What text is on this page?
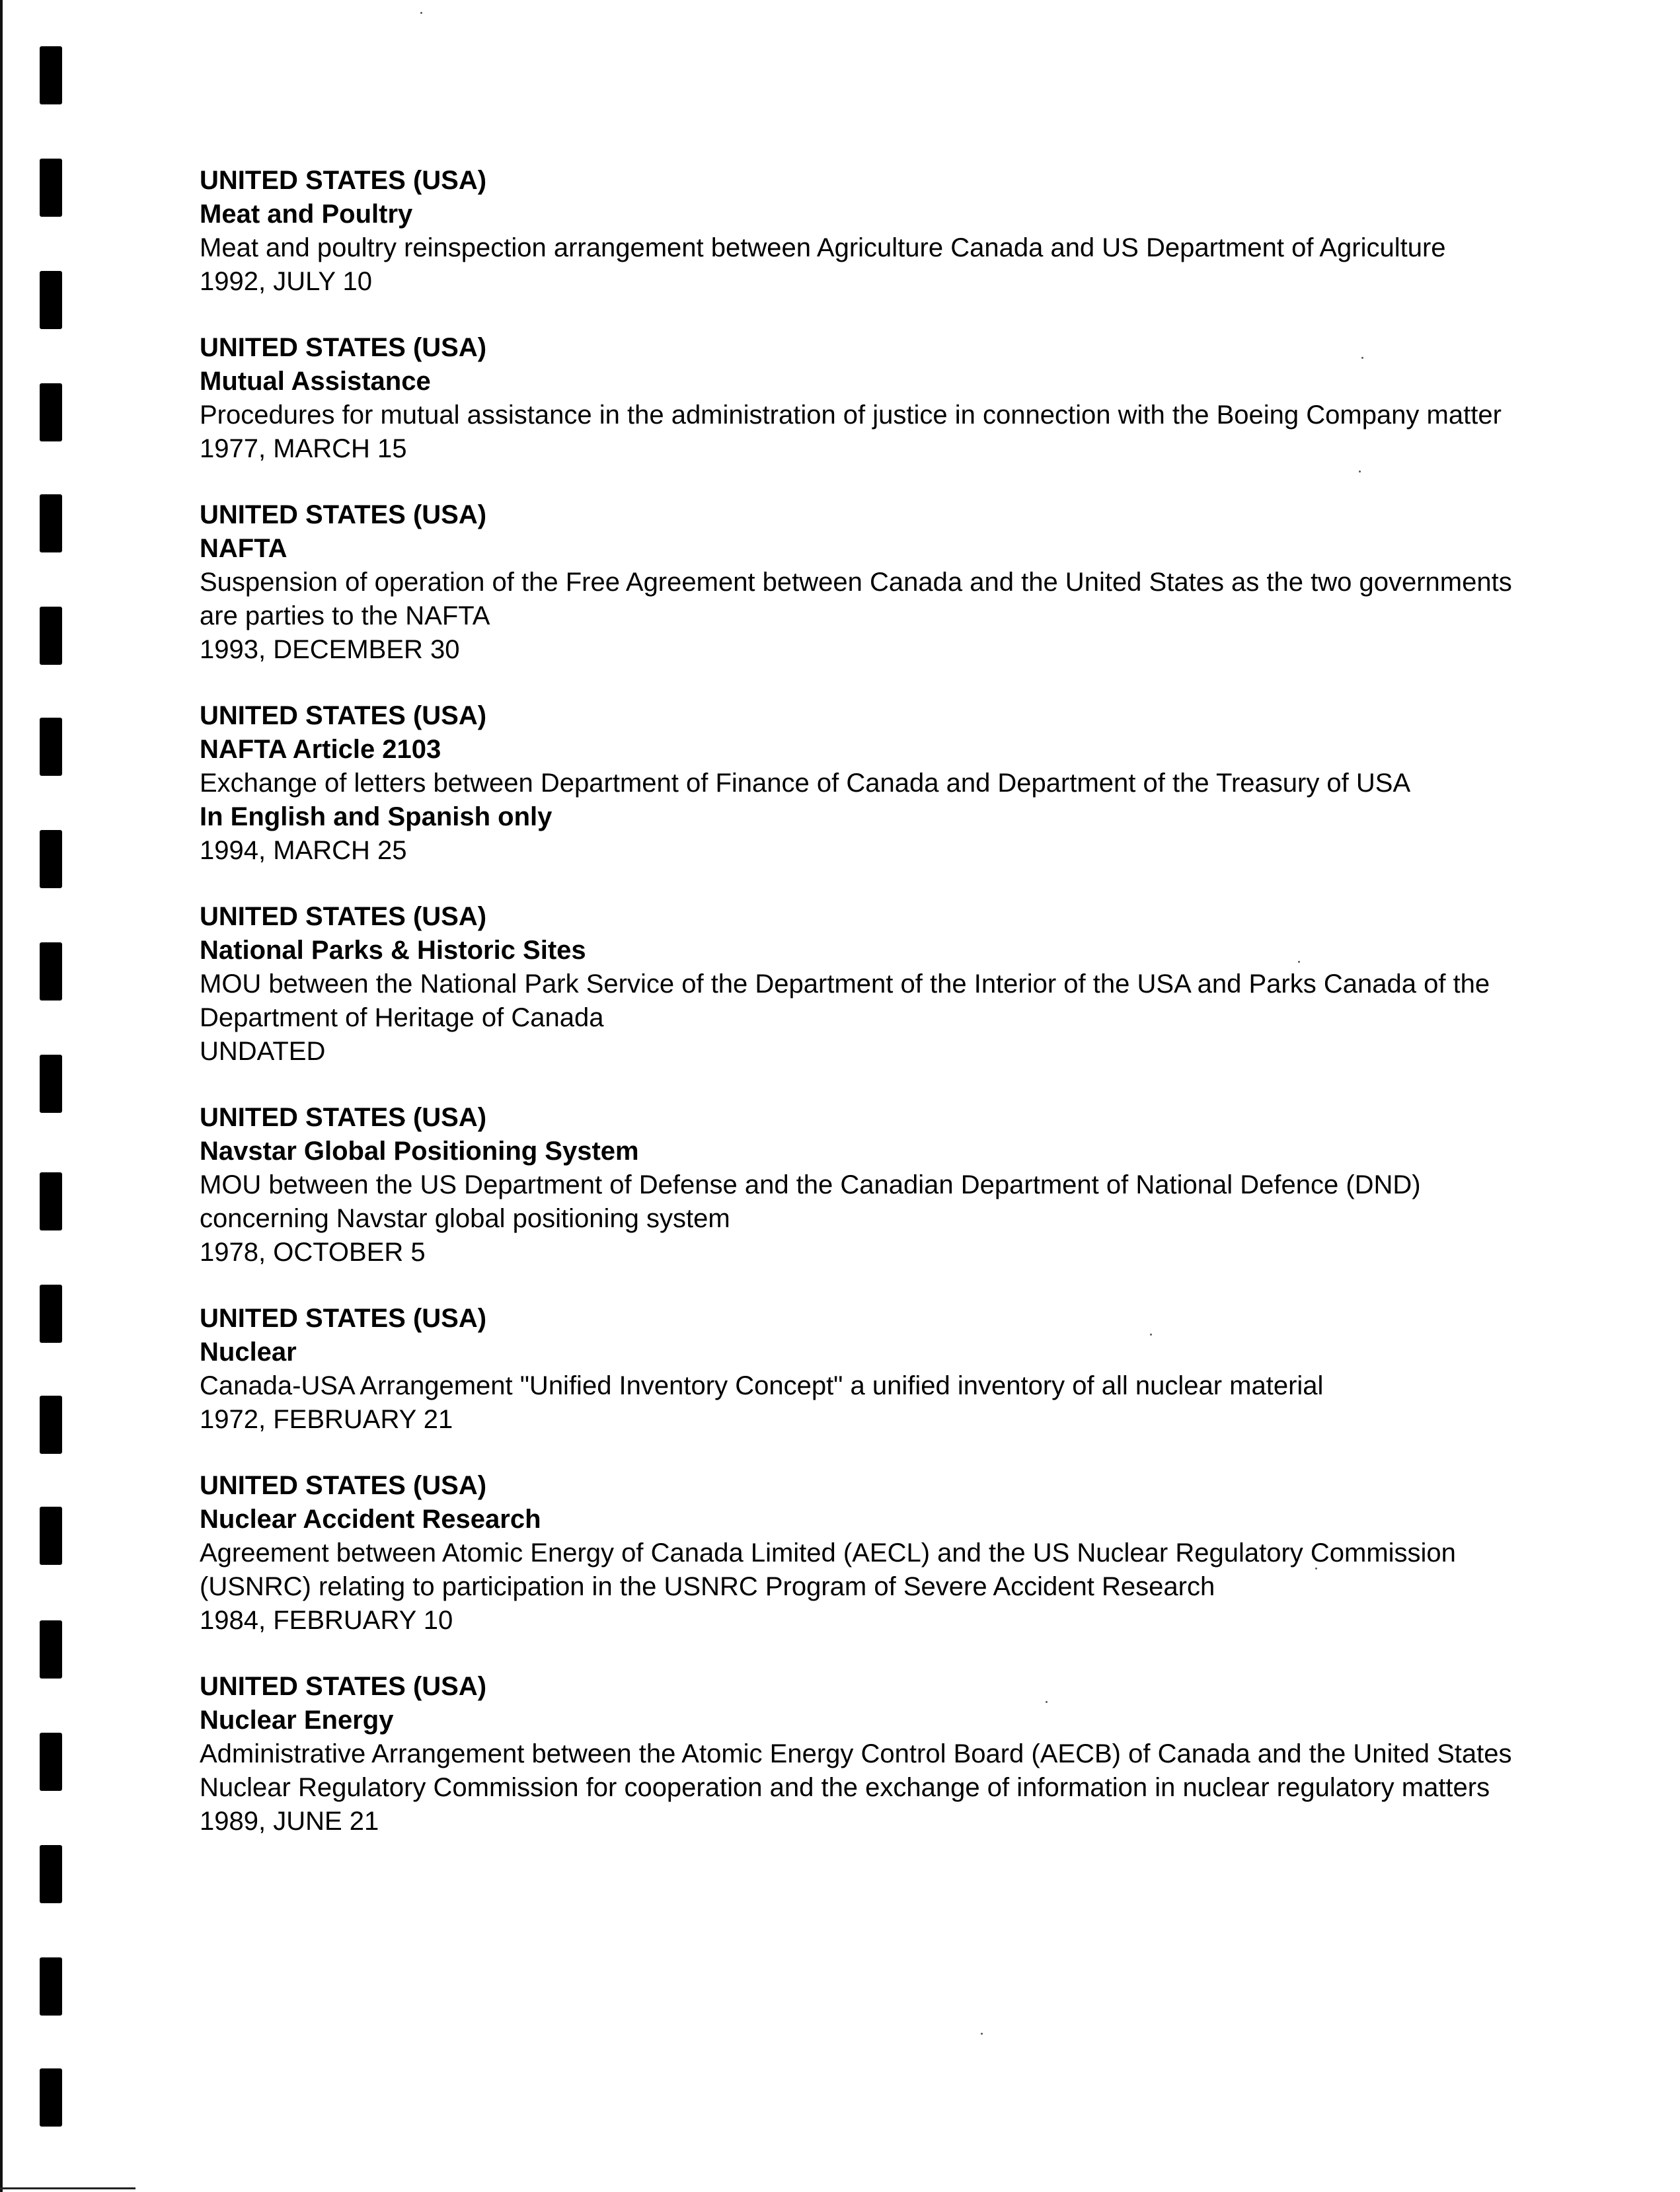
UNITED STATES (USA)
Meat and Poultry
Meat and poultry reinspection arrangement between Agriculture Canada and US Department of Agriculture
1992, JULY 10
UNITED STATES (USA)
Mutual Assistance
Procedures for mutual assistance in the administration of justice in connection with the Boeing Company matter
1977, MARCH 15
UNITED STATES (USA)
NAFTA
Suspension of operation of the Free Agreement between Canada and the United States as the two governments are parties to the NAFTA
1993, DECEMBER 30
UNITED STATES (USA)
NAFTA Article 2103
Exchange of letters between Department of Finance of Canada and Department of the Treasury of USA
In English and Spanish only
1994, MARCH 25
UNITED STATES (USA)
National Parks & Historic Sites
MOU between the National Park Service of the Department of the Interior of the USA and Parks Canada of the Department of Heritage of Canada
UNDATED
UNITED STATES (USA)
Navstar Global Positioning System
MOU between the US Department of Defense and the Canadian Department of National Defence (DND) concerning Navstar global positioning system
1978, OCTOBER 5
UNITED STATES (USA)
Nuclear
Canada-USA Arrangement "Unified Inventory Concept" a unified inventory of all nuclear material
1972, FEBRUARY 21
UNITED STATES (USA)
Nuclear Accident Research
Agreement between Atomic Energy of Canada Limited (AECL) and the US Nuclear Regulatory Commission (USNRC) relating to participation in the USNRC Program of Severe Accident Research
1984, FEBRUARY 10
UNITED STATES (USA)
Nuclear Energy
Administrative Arrangement between the Atomic Energy Control Board (AECB) of Canada and the United States Nuclear Regulatory Commission for cooperation and the exchange of information in nuclear regulatory matters
1989, JUNE 21
